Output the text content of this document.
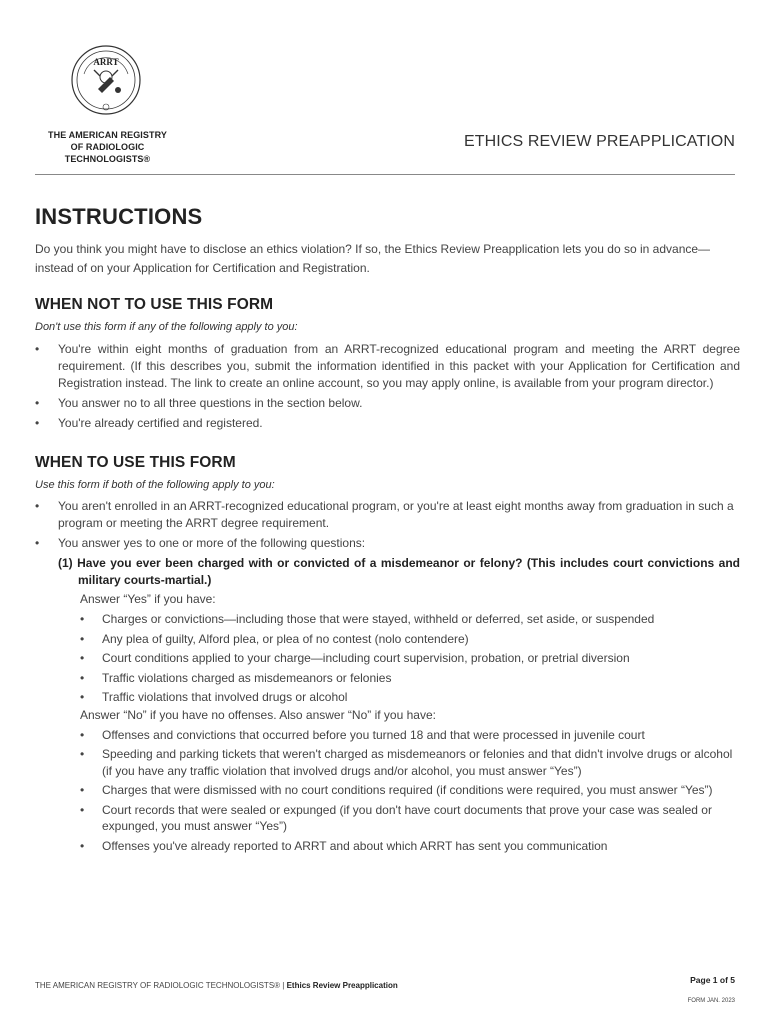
ARRT
THE AMERICAN REGISTRY
OF RADIOLOGIC
TECHNOLOGISTS®
ETHICS REVIEW PREAPPLICATION
INSTRUCTIONS
Do you think you might have to disclose an ethics violation? If so, the Ethics Review Preapplication lets you do so in advance—instead of on your Application for Certification and Registration.
WHEN NOT TO USE THIS FORM
Don't use this form if any of the following apply to you:
• You're within eight months of graduation from an ARRT-recognized educational program and meeting the ARRT degree requirement. (If this describes you, submit the information identified in this packet with your Application for Certification and Registration instead. The link to create an online account, so you may apply online, is available from your program director.)
• You answer no to all three questions in the section below.
• You're already certified and registered.
WHEN TO USE THIS FORM
Use this form if both of the following apply to you:
• You aren't enrolled in an ARRT-recognized educational program, or you're at least eight months away from graduation in such a program or meeting the ARRT degree requirement.
• You answer yes to one or more of the following questions:
(1) Have you ever been charged with or convicted of a misdemeanor or felony? (This includes court convictions and military courts-martial.)
Answer “Yes” if you have:
• Charges or convictions—including those that were stayed, withheld or deferred, set aside, or suspended
• Any plea of guilty, Alford plea, or plea of no contest (nolo contendere)
• Court conditions applied to your charge—including court supervision, probation, or pretrial diversion
• Traffic violations charged as misdemeanors or felonies
• Traffic violations that involved drugs or alcohol
Answer “No” if you have no offenses. Also answer “No” if you have:
• Offenses and convictions that occurred before you turned 18 and that were processed in juvenile court
• Speeding and parking tickets that weren't charged as misdemeanors or felonies and that didn't involve drugs or alcohol (if you have any traffic violation that involved drugs and/or alcohol, you must answer “Yes”)
• Charges that were dismissed with no court conditions required (if conditions were required, you must answer “Yes”)
• Court records that were sealed or expunged (if you don't have court documents that prove your case was sealed or expunged, you must answer “Yes”)
• Offenses you've already reported to ARRT and about which ARRT has sent you communication
THE AMERICAN REGISTRY OF RADIOLOGIC TECHNOLOGISTS® | Ethics Review Preapplication
Page 1 of 5
FORM JAN. 2023
